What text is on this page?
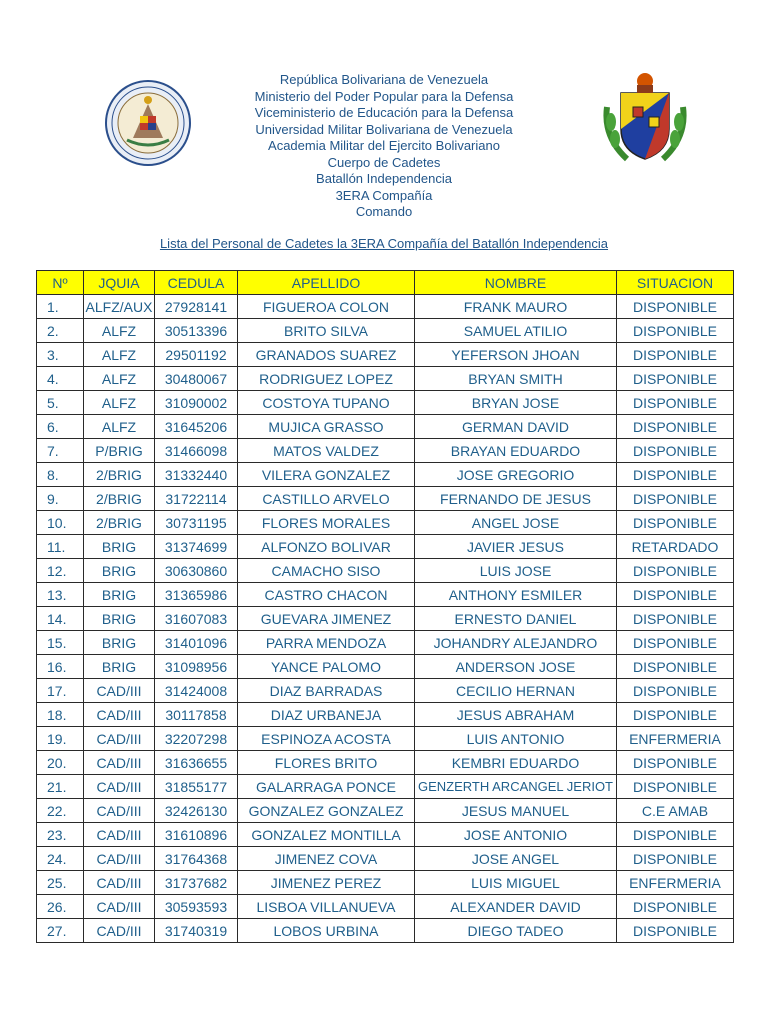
República Bolivariana de Venezuela
Ministerio del Poder Popular para la Defensa
Viceministerio de Educación para la Defensa
Universidad Militar Bolivariana de Venezuela
Academia Militar del Ejercito Bolivariano
Cuerpo de Cadetes
Batallón Independencia
3ERA Compañía
Comando
Lista del Personal de Cadetes la 3ERA Compañía del Batallón Independencia
Nº	JQUIA	CEDULA	APELLIDO	NOMBRE	SITUACION
1.	ALFZ/AUX	27928141	FIGUEROA COLON	FRANK MAURO	DISPONIBLE
2.	ALFZ	30513396	BRITO SILVA	SAMUEL ATILIO	DISPONIBLE
3.	ALFZ	29501192	GRANADOS SUAREZ	YEFERSON JHOAN	DISPONIBLE
4.	ALFZ	30480067	RODRIGUEZ LOPEZ	BRYAN SMITH	DISPONIBLE
5.	ALFZ	31090002	COSTOYA TUPANO	BRYAN JOSE	DISPONIBLE
6.	ALFZ	31645206	MUJICA GRASSO	GERMAN DAVID	DISPONIBLE
7.	P/BRIG	31466098	MATOS VALDEZ	BRAYAN EDUARDO	DISPONIBLE
8.	2/BRIG	31332440	VILERA GONZALEZ	JOSE GREGORIO	DISPONIBLE
9.	2/BRIG	31722114	CASTILLO ARVELO	FERNANDO DE JESUS	DISPONIBLE
10.	2/BRIG	30731195	FLORES MORALES	ANGEL JOSE	DISPONIBLE
11.	BRIG	31374699	ALFONZO BOLIVAR	JAVIER JESUS	RETARDADO
12.	BRIG	30630860	CAMACHO SISO	LUIS JOSE	DISPONIBLE
13.	BRIG	31365986	CASTRO CHACON	ANTHONY ESMILER	DISPONIBLE
14.	BRIG	31607083	GUEVARA JIMENEZ	ERNESTO DANIEL	DISPONIBLE
15.	BRIG	31401096	PARRA MENDOZA	JOHANDRY ALEJANDRO	DISPONIBLE
16.	BRIG	31098956	YANCE PALOMO	ANDERSON JOSE	DISPONIBLE
17.	CAD/III	31424008	DIAZ BARRADAS	CECILIO HERNAN	DISPONIBLE
18.	CAD/III	30117858	DIAZ URBANEJA	JESUS ABRAHAM	DISPONIBLE
19.	CAD/III	32207298	ESPINOZA ACOSTA	LUIS ANTONIO	ENFERMERIA
20.	CAD/III	31636655	FLORES BRITO	KEMBRI EDUARDO	DISPONIBLE
21.	CAD/III	31855177	GALARRAGA PONCE	GENZERTH ARCANGEL JERIOT	DISPONIBLE
22.	CAD/III	32426130	GONZALEZ GONZALEZ	JESUS MANUEL	C.E AMAB
23.	CAD/III	31610896	GONZALEZ MONTILLA	JOSE ANTONIO	DISPONIBLE
24.	CAD/III	31764368	JIMENEZ COVA	JOSE ANGEL	DISPONIBLE
25.	CAD/III	31737682	JIMENEZ PEREZ	LUIS MIGUEL	ENFERMERIA
26.	CAD/III	30593593	LISBOA VILLANUEVA	ALEXANDER DAVID	DISPONIBLE
27.	CAD/III	31740319	LOBOS URBINA	DIEGO TADEO	DISPONIBLE
